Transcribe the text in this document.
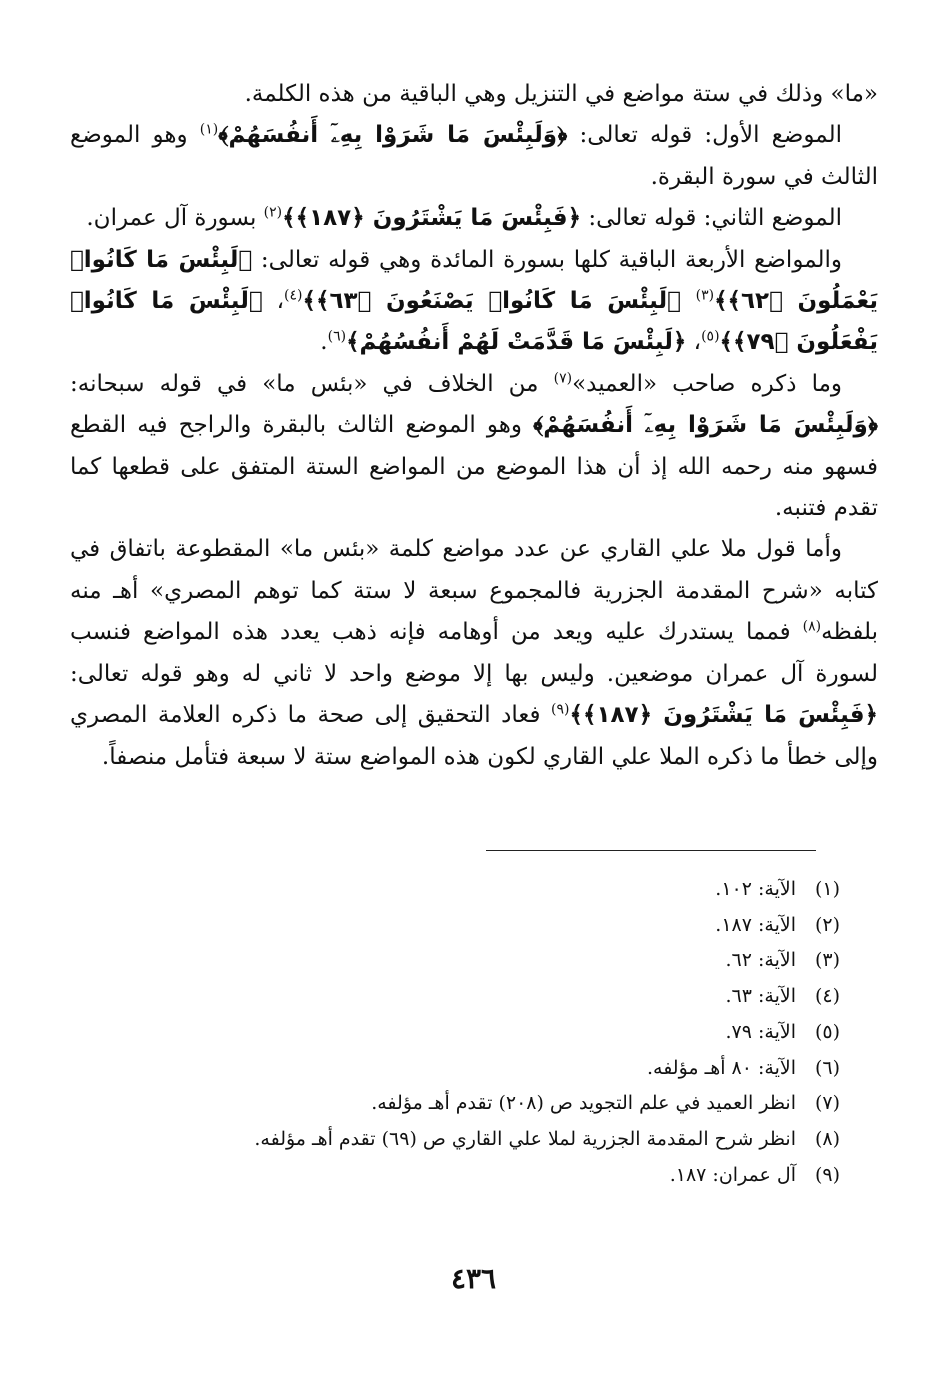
«ما» وذلك في ستة مواضع في التنزيل وهي الباقية من هذه الكلمة.

الموضع الأول: قوله تعالى: ﴿وَلَبِئْسَ مَا شَرَوْا بِهِۦٓ أَنفُسَهُمْ﴾$^{(١)}$ وهو الموضع الثالث في سورة البقرة.

الموضع الثاني: قوله تعالى: ﴿فَبِئْسَ مَا يَشْتَرُونَ ﴿١٨٧﴾﴾$^{(٢)}$ بسورة آل عمران.

والمواضع الأربعة الباقية كلها بسورة المائدة وهي قوله تعالى: ﴿لَبِئْسَ مَا كَانُوا۟ يَعْمَلُونَ ﴿٦٢﴾﴾$^{(٣)}$ ﴿لَبِئْسَ مَا كَانُوا۟ يَصْنَعُونَ ﴿٦٣﴾﴾$^{(٤)}$، ﴿لَبِئْسَ مَا كَانُوا۟ يَفْعَلُونَ ﴿٧٩﴾﴾$^{(٥)}$، ﴿لَبِئْسَ مَا قَدَّمَتْ لَهُمْ أَنفُسُهُمْ﴾$^{(٦)}$.

وما ذكره صاحب «العميد»$^{(٧)}$ من الخلاف في «بئس ما» في قوله سبحانه: ﴿وَلَبِئْسَ مَا شَرَوْا بِهِۦٓ أَنفُسَهُمْ﴾ وهو الموضع الثالث بالبقرة والراجح فيه القطع فسهو منه رحمه الله إذ أن هذا الموضع من المواضع الستة المتفق على قطعها كما تقدم فتنبه.

وأما قول ملا علي القاري عن عدد مواضع كلمة «بئس ما» المقطوعة باتفاق في كتابه «شرح المقدمة الجزرية فالمجموع سبعة لا ستة كما توهم المصري» أهـ منه بلفظه$^{(٨)}$ فمما يستدرك عليه ويعد من أوهامه فإنه ذهب يعدد هذه المواضع فنسب لسورة آل عمران موضعين. وليس بها إلا موضع واحد لا ثاني له وهو قوله تعالى: ﴿فَبِئْسَ مَا يَشْتَرُونَ ﴿١٨٧﴾﴾$^{(٩)}$ فعاد التحقيق إلى صحة ما ذكره العلامة المصري وإلى خطأ ما ذكره الملا علي القاري لكون هذه المواضع ستة لا سبعة فتأمل منصفاً.

(١)
الآية: ١٠٢.
(٢)
الآية: ١٨٧.
(٣)
الآية: ٦٢.
(٤)
الآية: ٦٣.
(٥)
الآية: ٧٩.
(٦)
الآية: ٨٠ أهـ مؤلفه.
(٧)
انظر العميد في علم التجويد ص (٢٠٨) تقدم أهـ مؤلفه.
(٨)
انظر شرح المقدمة الجزرية لملا علي القاري ص (٦٩) تقدم أهـ مؤلفه.
(٩)
آل عمران: ١٨٧.
٤٣٦
